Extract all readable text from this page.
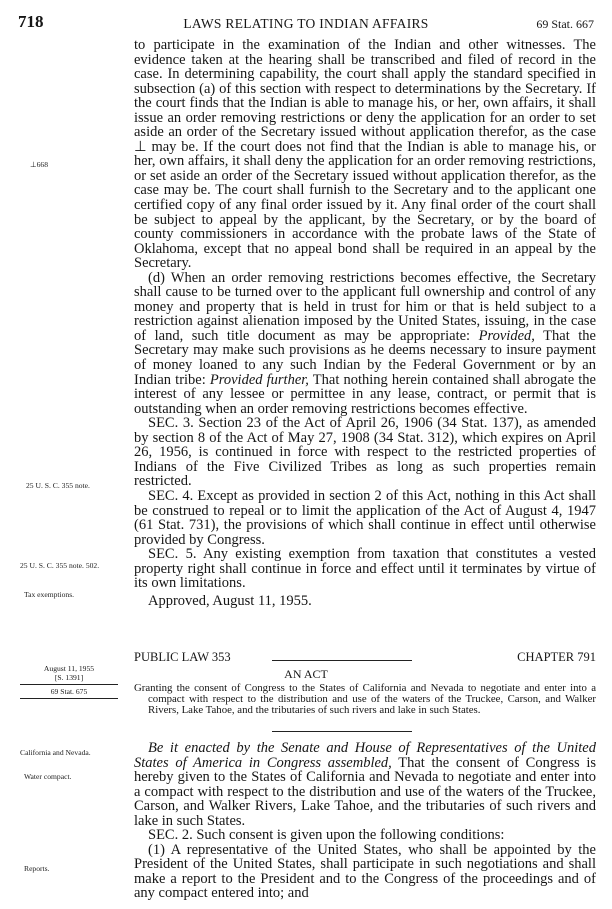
718	LAWS RELATING TO INDIAN AFFAIRS	69 Stat. 667

to participate in the examination of the Indian and other witnesses. The evidence taken at the hearing shall be transcribed and filed of record in the case. In determining capability, the court shall apply the standard specified in subsection (a) of this section with respect to determinations by the Secretary. If the court finds that the Indian is able to manage his, or her, own affairs, it shall issue an order removing restrictions or deny the application for an order to set aside an order of the Secretary issued without application therefor, as the case ⊥ may be. If the court does not find that the Indian is able to manage his, or her, own affairs, it shall deny the application for an order removing restrictions, or set aside an order of the Secretary issued without application therefor, as the case may be. The court shall furnish to the Secretary and to the applicant one certified copy of any final order issued by it. Any final order of the court shall be subject to appeal by the applicant, by the Secretary, or by the board of county commissioners in accordance with the probate laws of the State of Oklahoma, except that no appeal bond shall be required in an appeal by the Secretary.

(d) When an order removing restrictions becomes effective, the Secretary shall cause to be turned over to the applicant full ownership and control of any money and property that is held in trust for him or that is held subject to a restriction against alienation imposed by the United States, issuing, in the case of land, such title document as may be appropriate: Provided, That the Secretary may make such provisions as he deems necessary to insure payment of money loaned to any such Indian by the Federal Government or by an Indian tribe: Provided further, That nothing herein contained shall abrogate the interest of any lessee or permittee in any lease, contract, or permit that is outstanding when an order removing restrictions becomes effective.

SEC. 3. Section 23 of the Act of April 26, 1906 (34 Stat. 137), as amended by section 8 of the Act of May 27, 1908 (34 Stat. 312), which expires on April 26, 1956, is continued in force with respect to the restricted properties of Indians of the Five Civilized Tribes as long as such properties remain restricted.

SEC. 4. Except as provided in section 2 of this Act, nothing in this Act shall be construed to repeal or to limit the application of the Act of August 4, 1947 (61 Stat. 731), the provisions of which shall continue in effect until otherwise provided by Congress.

SEC. 5. Any existing exemption from taxation that constitutes a vested property right shall continue in force and effect until it terminates by virtue of its own limitations.

Approved, August 11, 1955.

PUBLIC LAW 353	CHAPTER 791
AN ACT

Granting the consent of Congress to the States of California and Nevada to negotiate and enter into a compact with respect to the distribution and use of the waters of the Truckee, Carson, and Walker Rivers, Lake Tahoe, and the tributaries of such rivers and lake in such States.

Be it enacted by the Senate and House of Representatives of the United States of America in Congress assembled, That the consent of Congress is hereby given to the States of California and Nevada to negotiate and enter into a compact with respect to the distribution and use of the waters of the Truckee, Carson, and Walker Rivers, Lake Tahoe, and the tributaries of such rivers and lake in such States.

SEC. 2. Such consent is given upon the following conditions:

(1) A representative of the United States, who shall be appointed by the President of the United States, shall participate in such negotiations and shall make a report to the President and to the Congress of the proceedings and of any compact entered into; and

⊥668
25 U. S. C. 355 note.
25 U. S. C. 355 note. 502.
Tax exemptions.
August 11, 1955
[S. 1391]
69 Stat. 675
California and Nevada.
Water compact.
Reports.
